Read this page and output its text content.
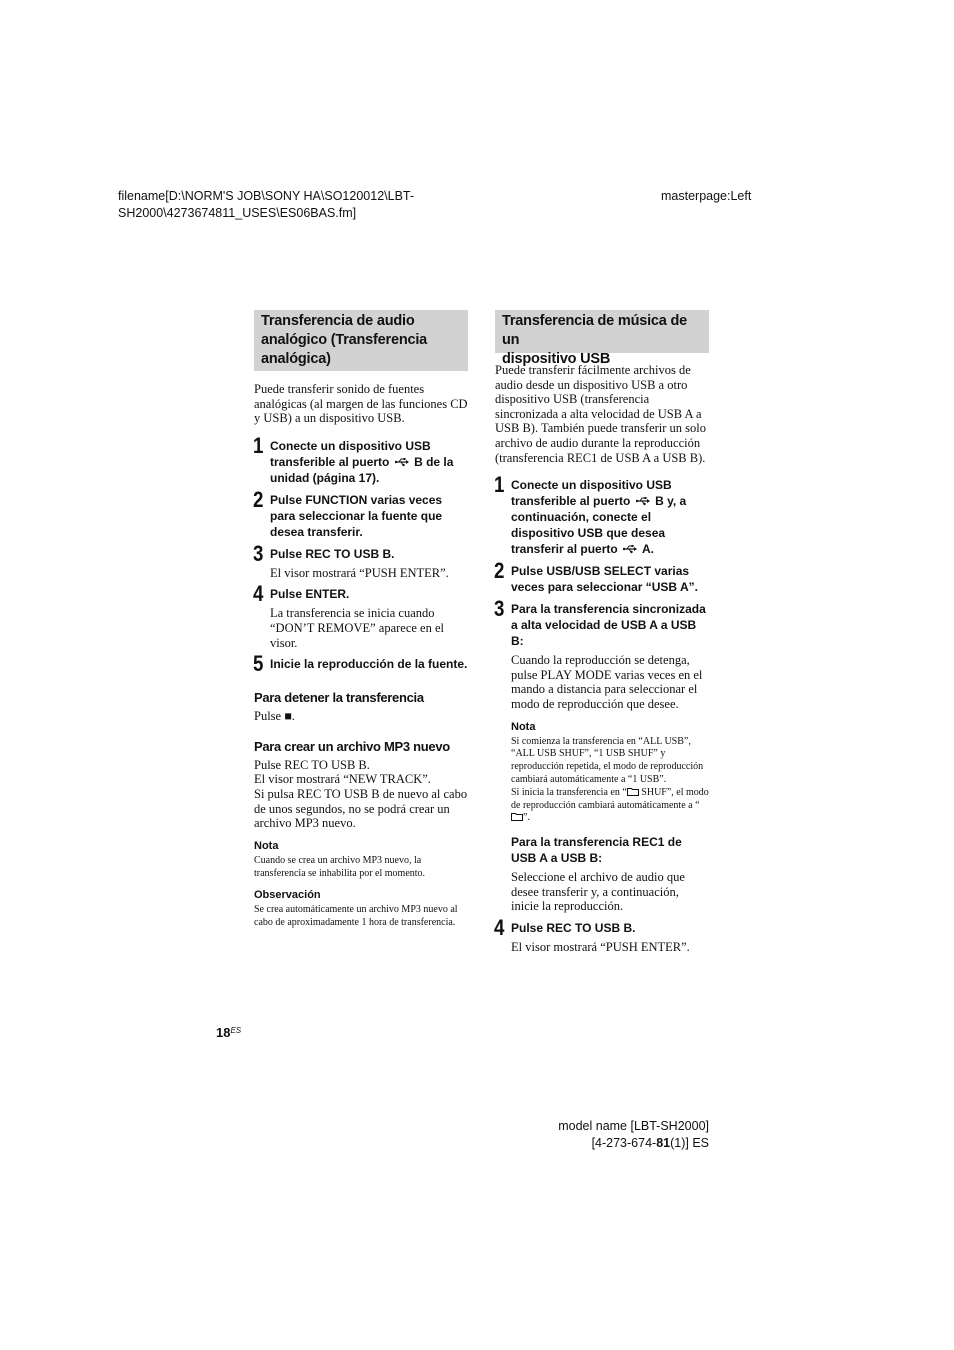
filename[D:\NORM'S JOB\SONY HA\SO120012\LBT-
SH2000\4273674811_USES\ES06BAS.fm]
masterpage:Left
Transferencia de audio
analógico (Transferencia
analógica)

Puede transferir sonido de fuentes analógicas (al margen de las funciones CD y USB) a un dispositivo USB.

1 Conecte un dispositivo USB transferible al puerto B de la unidad (página 17).
2 Pulse FUNCTION varias veces para seleccionar la fuente que desea transferir.
3 Pulse REC TO USB B.
El visor mostrará “PUSH ENTER”.
4 Pulse ENTER.
La transferencia se inicia cuando “DON’T REMOVE” aparece en el visor.
5 Inicie la reproducción de la fuente.
Para detener la transferencia
Pulse ■.
Para crear un archivo MP3 nuevo
Pulse REC TO USB B.
El visor mostrará “NEW TRACK”.

Si pulsa REC TO USB B de nuevo al cabo de unos segundos, no se podrá crear un archivo MP3 nuevo.

Nota

Cuando se crea un archivo MP3 nuevo, la transferencia se inhabilita por el momento.

Observación

Se crea automáticamente un archivo MP3 nuevo al cabo de aproximadamente 1 hora de transferencia.

Transferencia de música de un
dispositivo USB

Puede transferir fácilmente archivos de audio desde un dispositivo USB a otro dispositivo USB (transferencia sincronizada a alta velocidad de USB A a USB B). También puede transferir un solo archivo de audio durante la reproducción (transferencia REC1 de USB A a USB B).

1 Conecte un dispositivo USB transferible al puerto B y, a continuación, conecte el dispositivo USB que desea transferir al puerto A.
2 Pulse USB/USB SELECT varias veces para seleccionar “USB A”.
3 Para la transferencia sincronizada a alta velocidad de USB A a USB B:
Cuando la reproducción se detenga, pulse PLAY MODE varias veces en el mando a distancia para seleccionar el modo de reproducción que desee.
Nota

Si comienza la transferencia en “ALL USB”, “ALL USB SHUF”, “1 USB SHUF” y reproducción repetida, el modo de reproducción cambiará automáticamente a “1 USB”.

Si inicia la transferencia en “ SHUF”, el modo de reproducción cambiará automáticamente a “”.

Para la transferencia REC1 de USB A a USB B:
Seleccione el archivo de audio que desee transferir y, a continuación, inicie la reproducción.
4 Pulse REC TO USB B.
El visor mostrará “PUSH ENTER”.
$18^{ES}$
model name [LBT-SH2000]
[4-273-674-81(1)] ES
